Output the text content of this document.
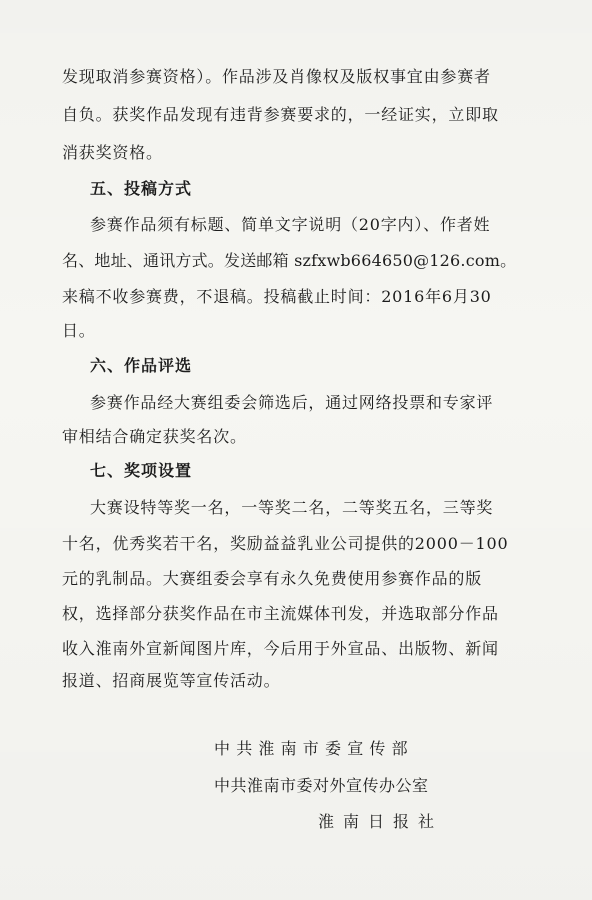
发现取消参赛资格）。作品涉及肖像权及版权事宜由参赛者
自负。获奖作品发现有违背参赛要求的，一经证实，立即取
消获奖资格。
五、投稿方式
参赛作品须有标题、简单文字说明（20字内）、作者姓
名、地址、通讯方式。发送邮箱 szfxwb664650@126.com。
来稿不收参赛费，不退稿。投稿截止时间：2016年6月30
日。
六、作品评选
参赛作品经大赛组委会筛选后，通过网络投票和专家评
审相结合确定获奖名次。
七、奖项设置
大赛设特等奖一名，一等奖二名，二等奖五名，三等奖
十名，优秀奖若干名，奖励益益乳业公司提供的2000－100
元的乳制品。大赛组委会享有永久免费使用参赛作品的版
权，选择部分获奖作品在市主流媒体刊发，并选取部分作品
收入淮南外宣新闻图片库，今后用于外宣品、出版物、新闻
报道、招商展览等宣传活动。
中共淮南市委宣传部
中共淮南市委对外宣传办公室
淮南日报社
